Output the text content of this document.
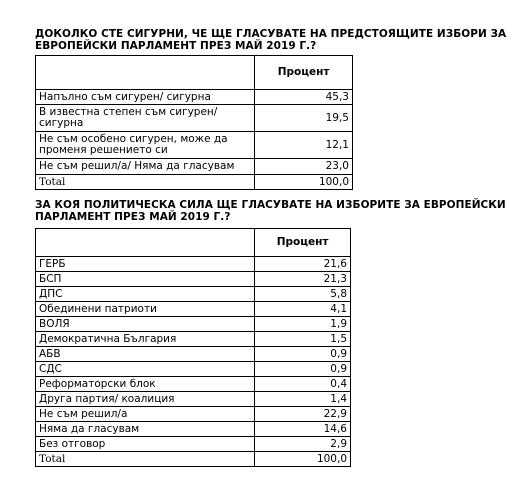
ДОКОЛКО СТЕ СИГУРНИ, ЧЕ ЩЕ ГЛАСУВАТЕ НА ПРЕДСТОЯЩИТЕ ИЗБОРИ ЗА
ЕВРОПЕЙСКИ ПАРЛАМЕНТ ПРЕЗ МАЙ 2019 Г.?
	Процент
Напълно съм сигурен/ сигурна	45,3

В известна степен съм сигурен/
сигурна	19,5

Не съм особено сигурен, може да
променя решението си	12,1
Не съм решил/а/ Няма да гласувам	23,0
Total	100,0
ЗА КОЯ ПОЛИТИЧЕСКА СИЛА ЩЕ ГЛАСУВАТЕ НА ИЗБОРИТЕ ЗА ЕВРОПЕЙСКИ
ПАРЛАМЕНТ ПРЕЗ МАЙ 2019 Г.?
	Процент
ГЕРБ	21,6
БСП	21,3
ДПС	5,8
Обединени патриоти	4,1
ВОЛЯ	1,9
Демократична България	1,5
АБВ	0,9
СДС	0,9
Реформаторски блок	0,4
Друга партия/ коалиция	1,4
Не съм решил/а	22,9
Няма да гласувам	14,6
Без отговор	2,9
Total	100,0
